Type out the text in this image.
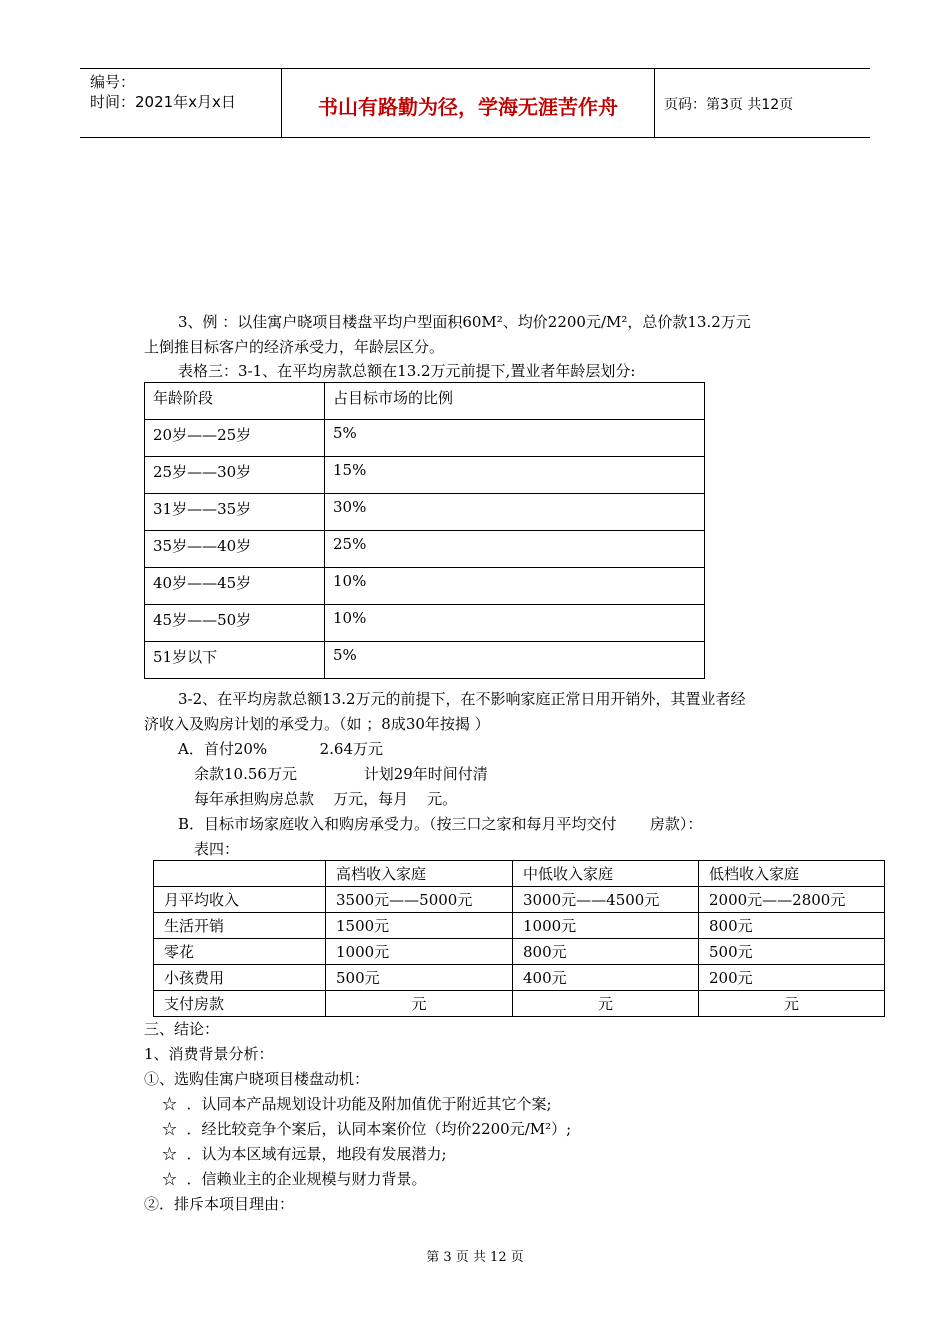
编号：
时间：2021年x月x日	书山有路勤为径，学海无涯苦作舟	页码：第3页 共12页
3、例 ：以佳寓户晓项目楼盘平均户型面积60M²、均价2200元/M²，总价款13.2万元
上倒推目标客户的经济承受力，年龄层区分。
表格三：3-1、在平均房款总额在13.2万元前提下,置业者年龄层划分:
年龄阶段	占目标市场的比例
20岁——25岁	5%
25岁——30岁	15%
31岁——35岁	30%
35岁——40岁	25%
40岁——45岁	10%
45岁——50岁	10%
51岁以下	5%
3-2、在平均房款总额13.2万元的前提下，在不影响家庭正常日用开销外，其置业者经
济收入及购房计划的承受力。（如 ；8成30年按揭 ）
A．首付20%           2.64万元
余款10.56万元              计划29年时间付清
每年承担购房总款    万元，每月    元。
B．目标市场家庭收入和购房承受力。（按三口之家和每月平均交付       房款）：
表四：
	高档收入家庭	中低收入家庭	低档收入家庭
月平均收入	3500元——5000元	3000元——4500元	2000元——2800元
生活开销	1500元	1000元	800元
零花	1000元	800元	500元
小孩费用	500元	400元	200元
支付房款	元	元	元
三、结论：
1、消费背景分析：
①、选购佳寓户晓项目楼盘动机：
☆  ．认同本产品规划设计功能及附加值优于附近其它个案;
☆  ．经比较竞争个案后，认同本案价位（均价2200元/M²）;
☆  ．认为本区域有远景，地段有发展潜力;
☆  ．信赖业主的企业规模与财力背景。
②．排斥本项目理由：
第 3 页 共 12 页
